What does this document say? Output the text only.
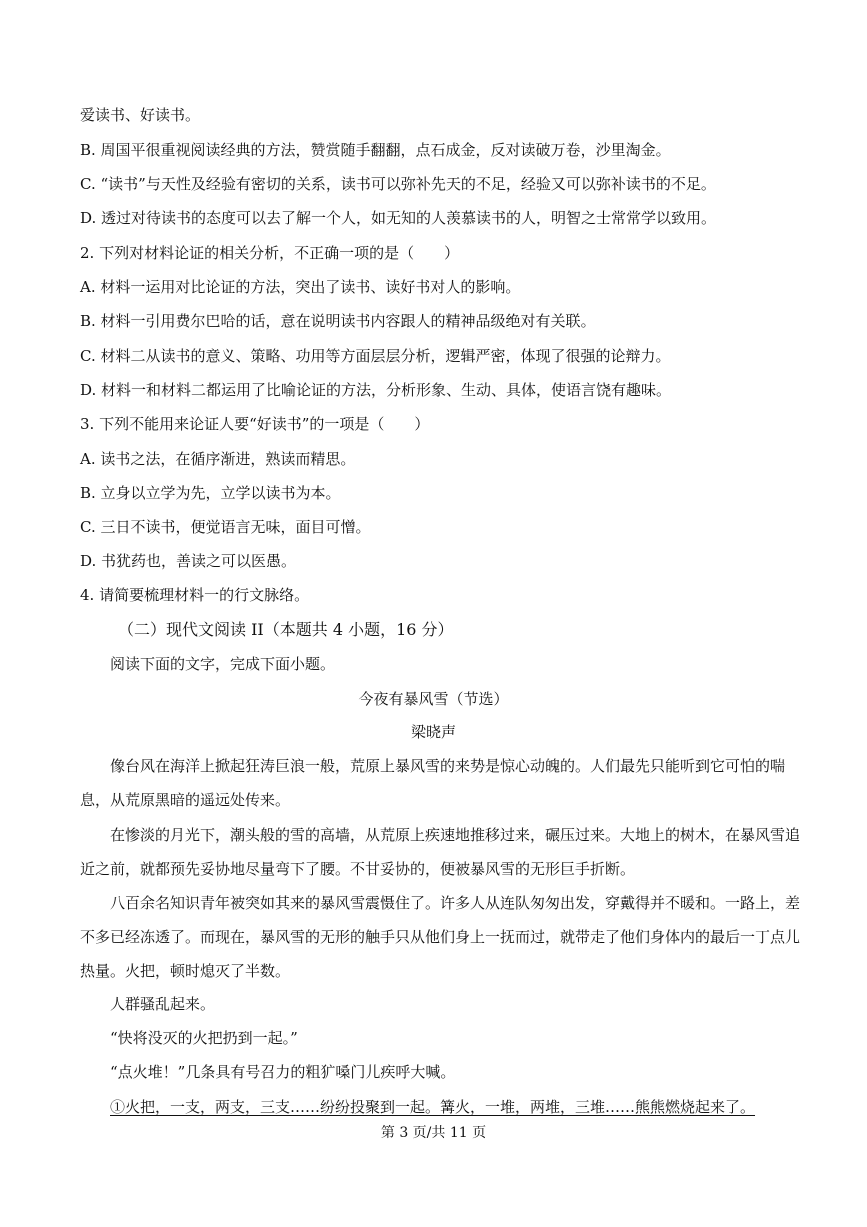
爱读书、好读书。
B. 周国平很重视阅读经典的方法，赞赏随手翻翻，点石成金，反对读破万卷，沙里淘金。
C. “读书”与天性及经验有密切的关系，读书可以弥补先天的不足，经验又可以弥补读书的不足。
D. 透过对待读书的态度可以去了解一个人，如无知的人羡慕读书的人，明智之士常常学以致用。
2. 下列对材料论证的相关分析，不正确一项的是（　　）
A. 材料一运用对比论证的方法，突出了读书、读好书对人的影响。
B. 材料一引用费尔巴哈的话，意在说明读书内容跟人的精神品级绝对有关联。
C. 材料二从读书的意义、策略、功用等方面层层分析，逻辑严密，体现了很强的论辩力。
D. 材料一和材料二都运用了比喻论证的方法，分析形象、生动、具体，使语言饶有趣味。
3. 下列不能用来论证人要“好读书”的一项是（　　）
A. 读书之法，在循序渐进，熟读而精思。
B. 立身以立学为先，立学以读书为本。
C. 三日不读书，便觉语言无味，面目可憎。
D. 书犹药也，善读之可以医愚。
4. 请简要梳理材料一的行文脉络。
（二）现代文阅读 II（本题共 4 小题，16 分）
阅读下面的文字，完成下面小题。
今夜有暴风雪（节选）
梁晓声
像台风在海洋上掀起狂涛巨浪一般，荒原上暴风雪的来势是惊心动魄的。人们最先只能听到它可怕的喘息，从荒原黑暗的遥远处传来。
在惨淡的月光下，潮头般的雪的高墙，从荒原上疾速地推移过来，碾压过来。大地上的树木，在暴风雪追近之前，就都预先妥协地尽量弯下了腰。不甘妥协的，便被暴风雪的无形巨手折断。
八百余名知识青年被突如其来的暴风雪震慑住了。许多人从连队匆匆出发，穿戴得并不暖和。一路上，差不多已经冻透了。而现在，暴风雪的无形的触手只从他们身上一抚而过，就带走了他们身体内的最后一丁点儿热量。火把，顿时熄灭了半数。
人群骚乱起来。
“快将没灭的火把扔到一起。”
“点火堆！”几条具有号召力的粗犷嗓门儿疾呼大喊。
①火把，一支，两支，三支……纷纷投聚到一起。篝火，一堆，两堆，三堆……熊熊燃烧起来了。
第 3 页/共 11 页
